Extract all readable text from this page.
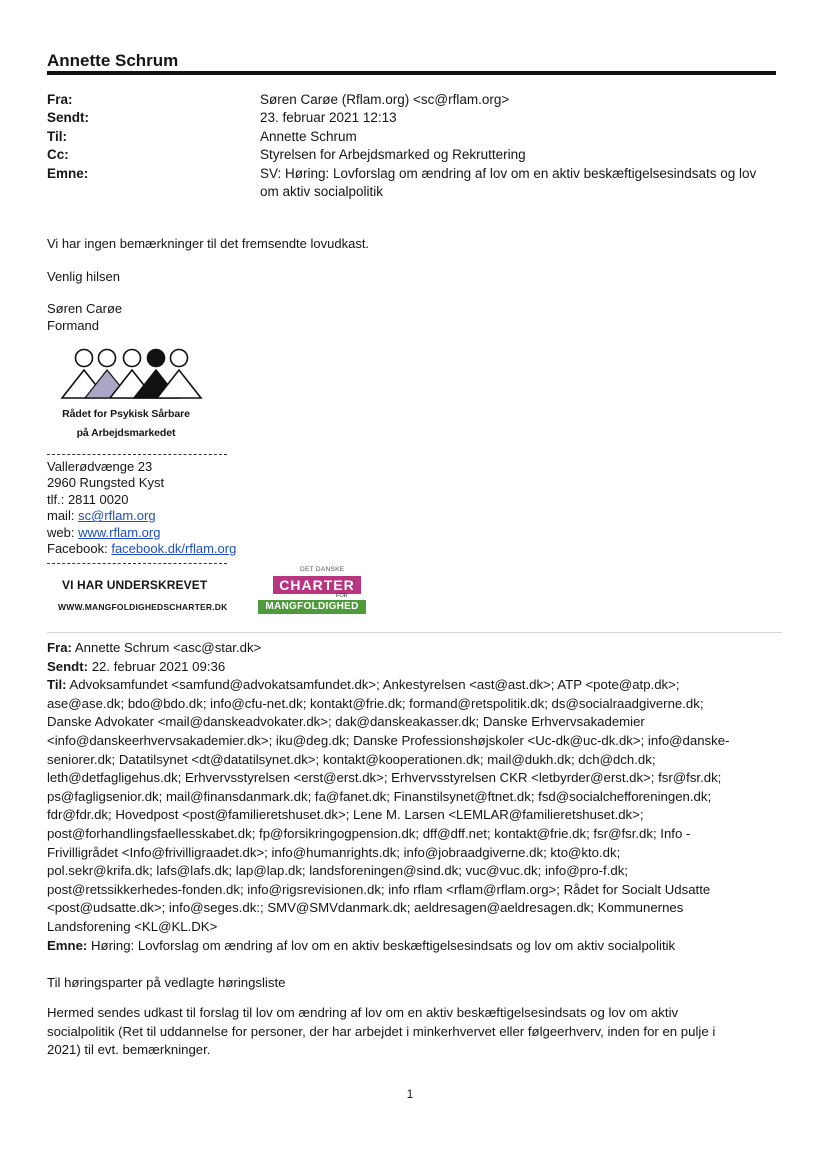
Annette Schrum
Fra:	Søren Carøe (Rflam.org) <sc@rflam.org>
Sendt:	23. februar 2021 12:13
Til:	Annette Schrum
Cc:	Styrelsen for Arbejdsmarked og Rekruttering
Emne:	SV: Høring: Lovforslag om ændring af lov om en aktiv beskæftigelsesindsats og lov
om aktiv socialpolitik
Vi har ingen bemærkninger til det fremsendte lovudkast.
Venlig hilsen
Søren Carøe
Formand
Rådet for Psykisk Sårbare
på Arbejdsmarkedet
Vallerødvænge 23
2960 Rungsted Kyst
tlf.: 2811 0020
mail: sc@rflam.org
web: www.rflam.org
Facebook: facebook.dk/rflam.org
VI HAR UNDERSKREVET
WWW.MANGFOLDIGHEDSCHARTER.DK
DET DANSKE
CHARTER
FOR
MANGFOLDIGHED
Fra: Annette Schrum <asc@star.dk>
Sendt: 22. februar 2021 09:36
Til: Advoksamfundet <samfund@advokatsamfundet.dk>; Ankestyrelsen <ast@ast.dk>; ATP <pote@atp.dk>;
ase@ase.dk; bdo@bdo.dk; info@cfu-net.dk; kontakt@frie.dk; formand@retspolitik.dk; ds@socialraadgiverne.dk;
Danske Advokater <mail@danskeadvokater.dk>; dak@danskeakasser.dk; Danske Erhvervsakademier
<info@danskeerhvervsakademier.dk>; iku@deg.dk; Danske Professionshøjskoler <Uc-dk@uc-dk.dk>; info@danske-
seniorer.dk; Datatilsynet <dt@datatilsynet.dk>; kontakt@kooperationen.dk; mail@dukh.dk; dch@dch.dk;
leth@detfagligehus.dk; Erhvervsstyrelsen <erst@erst.dk>; Erhvervsstyrelsen CKR <letbyrder@erst.dk>; fsr@fsr.dk;
ps@fagligsenior.dk; mail@finansdanmark.dk; fa@fanet.dk; Finanstilsynet@ftnet.dk; fsd@socialchefforeningen.dk;
fdr@fdr.dk; Hovedpost <post@familieretshuset.dk>; Lene M. Larsen <LEMLAR@familieretshuset.dk>;
post@forhandlingsfaellesskabet.dk; fp@forsikringogpension.dk; dff@dff.net; kontakt@frie.dk; fsr@fsr.dk; Info -
Frivilligrådet <Info@frivilligraadet.dk>; info@humanrights.dk; info@jobraadgiverne.dk; kto@kto.dk;
pol.sekr@krifa.dk; lafs@lafs.dk; lap@lap.dk; landsforeningen@sind.dk; vuc@vuc.dk; info@pro-f.dk;
post@retssikkerhedes-fonden.dk; info@rigsrevisionen.dk; info rflam <rflam@rflam.org>; Rådet for Socialt Udsatte
<post@udsatte.dk>; info@seges.dk:; SMV@SMVdanmark.dk; aeldresagen@aeldresagen.dk; Kommunernes
Landsforening <KL@KL.DK>
Emne: Høring: Lovforslag om ændring af lov om en aktiv beskæftigelsesindsats og lov om aktiv socialpolitik
Til høringsparter på vedlagte høringsliste
Hermed sendes udkast til forslag til lov om ændring af lov om en aktiv beskæftigelsesindsats og lov om aktiv
socialpolitik (Ret til uddannelse for personer, der har arbejdet i minkerhvervet eller følgeerhverv, inden for en pulje i
2021) til evt. bemærkninger.
1
